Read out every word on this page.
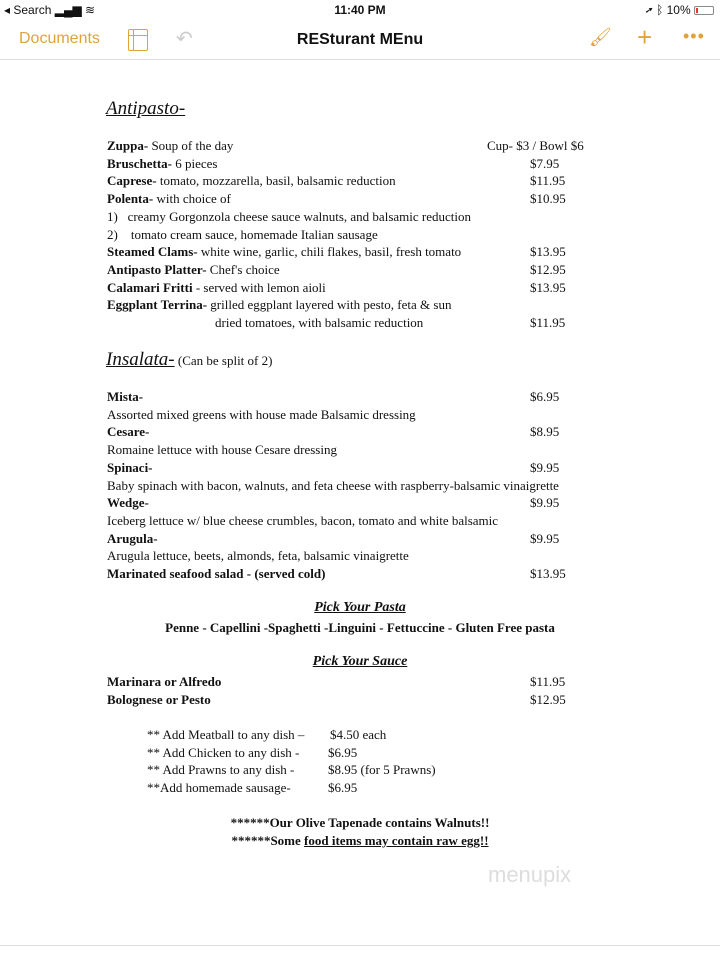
◂ Search ▂▄▆ ≋	11:40 PM	➚ ᛒ 10%
Documents	↶	RESturant MEnu	🖌 + •••
Antipasto-
Zuppa- Soup of the day	Cup- $3 / Bowl $6
Bruschetta- 6 pieces	$7.95
Caprese- tomato, mozzarella, basil, balsamic reduction	$11.95
Polenta- with choice of	$10.95
1)   creamy Gorgonzola cheese sauce walnuts, and balsamic reduction
2)    tomato cream sauce, homemade Italian sausage
Steamed Clams- white wine, garlic, chili flakes, basil, fresh tomato	$13.95
Antipasto Platter- Chef's choice	$12.95
Calamari Fritti - served with lemon aioli	$13.95
Eggplant Terrina- grilled eggplant layered with pesto, feta & sun
dried tomatoes, with balsamic reduction	$11.95
Insalata- (Can be split of 2)
Mista-	$6.95
Assorted mixed greens with house made Balsamic dressing
Cesare-	$8.95
Romaine lettuce with house Cesare dressing
Spinaci-	$9.95
Baby spinach with bacon, walnuts, and feta cheese with raspberry-balsamic vinaigrette
Wedge-	$9.95
Iceberg lettuce w/ blue cheese crumbles, bacon, tomato and white balsamic
Arugula-	$9.95
Arugula lettuce, beets, almonds, feta, balsamic vinaigrette
Marinated seafood salad - (served cold)	$13.95
Pick Your Pasta
Penne - Capellini -Spaghetti -Linguini - Fettuccine - Gluten Free pasta
Pick Your Sauce
Marinara or Alfredo	$11.95
Bolognese or Pesto	$12.95
** Add Meatball to any dish – $4.50 each
** Add Chicken to any dish - $6.95
** Add Prawns to any dish -	$8.95 (for 5 Prawns)
**Add homemade sausage-	$6.95
******Our Olive Tapenade contains Walnuts!!
******Some food items may contain raw egg!!
menupix
